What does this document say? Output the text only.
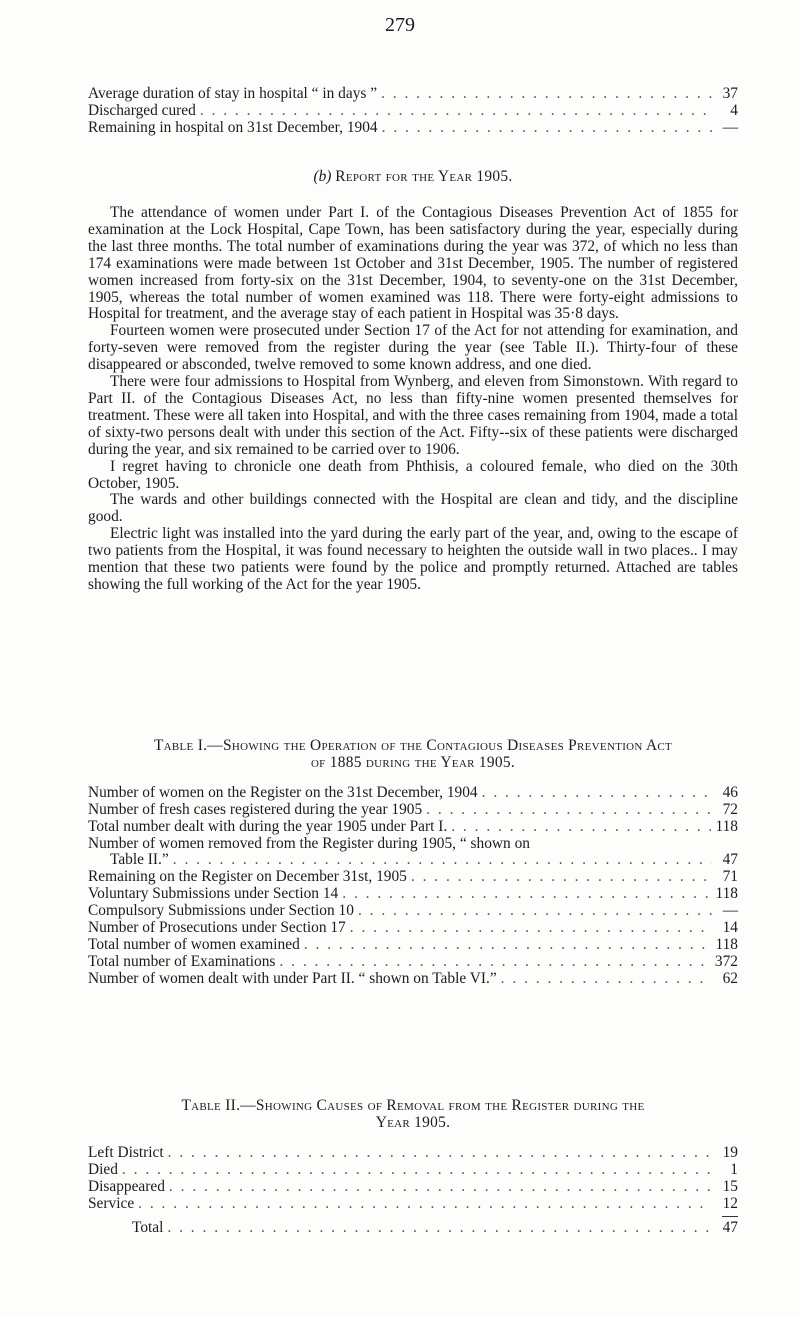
279
Average duration of stay in hospital “ in days ” . . .	37
Discharged cured . . .	4
Remaining in hospital on 31st December, 1904 . . .	—

(b) Report for the Year 1905.

The attendance of women under Part I. of the Contagious Diseases Prevention Act of 1855 for examination at the Lock Hospital, Cape Town, has been satisfactory during the year, especially during the last three months. The total number of examinations during the year was 372, of which no less than 174 examinations were made between 1st October and 31st December, 1905. The number of registered women increased from forty-six on the 31st December, 1904, to seventy-one on the 31st December, 1905, whereas the total number of women examined was 118. There were forty-eight admissions to Hospital for treatment, and the average stay of each patient in Hospital was 35·8 days.

Fourteen women were prosecuted under Section 17 of the Act for not attending for examination, and forty-seven were removed from the register during the year (see Table II.). Thirty-four of these disappeared or absconded, twelve removed to some known address, and one died.

There were four admissions to Hospital from Wynberg, and eleven from Simonstown. With regard to Part II. of the Contagious Diseases Act, no less than fifty-nine women presented themselves for treatment. These were all taken into Hospital, and with the three cases remaining from 1904, made a total of sixty-two persons dealt with under this section of the Act. Fifty--six of these patients were discharged during the year, and six remained to be carried over to 1906.

I regret having to chronicle one death from Phthisis, a coloured female, who died on the 30th October, 1905.

The wards and other buildings connected with the Hospital are clean and tidy, and the discipline good.

Electric light was installed into the yard during the early part of the year, and, owing to the escape of two patients from the Hospital, it was found necessary to heighten the outside wall in two places.. I may mention that these two patients were found by the police and promptly returned. Attached are tables showing the full working of the Act for the year 1905.

Table I.—Showing the Operation of the Contagious Diseases Prevention Act
of 1885 during the Year 1905.

Number of women on the Register on the 31st December, 1904 . . .	46
Number of fresh cases registered during the year 1905 . . .	72
Total number dealt with during the year 1905 under Part I. . . .	118
Number of women removed from the Register during 1905, “ shown on
Table II.” . . .	47
Remaining on the Register on December 31st, 1905 . . .	71
Voluntary Submissions under Section 14 . . .	118
Compulsory Submissions under Section 10 . . .	—
Number of Prosecutions under Section 17 . . .	14
Total number of women examined . . .	118
Total number of Examinations . . .	372
Number of women dealt with under Part II. “ shown on Table VI.” . . .	62

Table II.—Showing Causes of Removal from the Register during the
Year 1905.

Left District . . .	19
Died . . .	1
Disappeared . . .	15
Service . . .	12
Total . . .	47
